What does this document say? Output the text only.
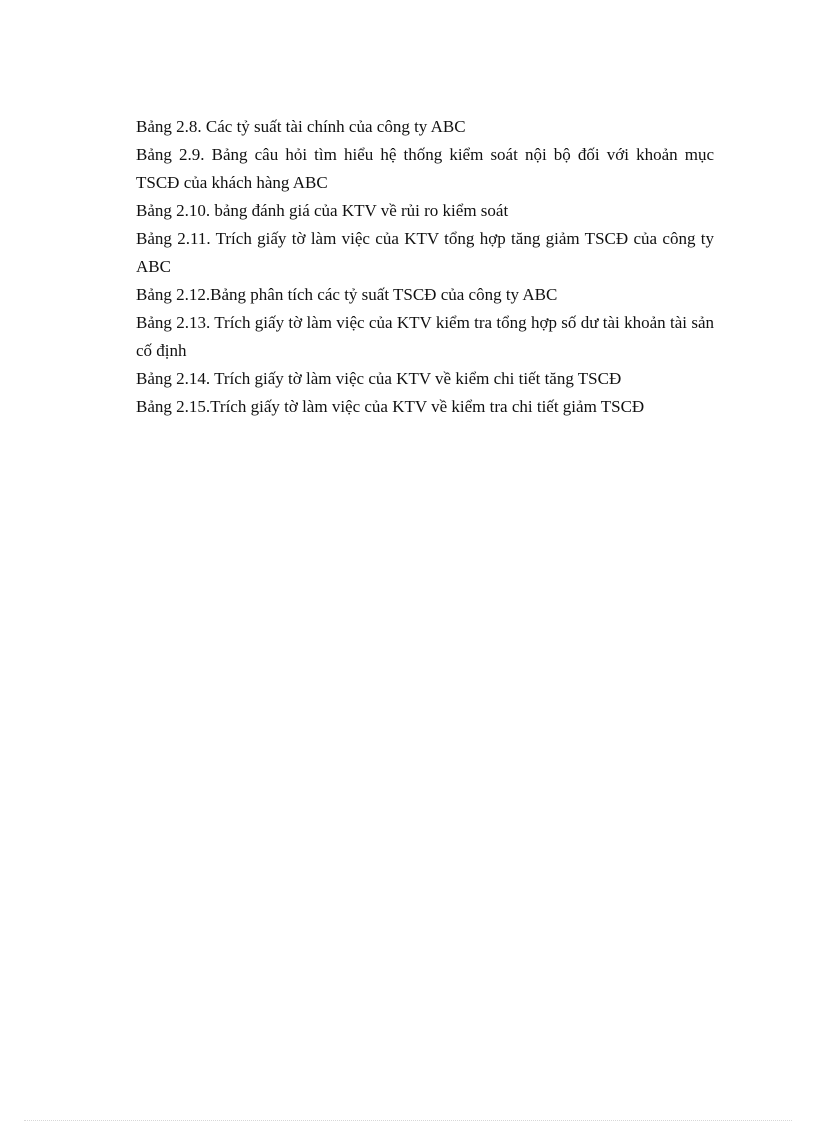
Bảng 2.8. Các tỷ suất tài chính của công ty ABC
Bảng 2.9. Bảng câu hỏi tìm hiểu hệ thống kiểm soát nội bộ đối với khoản mục TSCĐ của khách hàng ABC
Bảng 2.10. bảng đánh giá của KTV về rủi ro kiểm soát
Bảng 2.11. Trích giấy tờ làm việc của KTV tổng hợp tăng giảm TSCĐ của công ty ABC
Bảng 2.12.Bảng phân tích các tỷ suất TSCĐ của công ty ABC
Bảng 2.13. Trích giấy tờ làm việc của KTV kiểm tra tổng hợp số dư tài khoản tài sản cố định
Bảng 2.14. Trích giấy tờ làm việc của KTV về kiểm chi tiết tăng TSCĐ
Bảng 2.15.Trích giấy tờ làm việc của KTV về kiểm tra chi tiết giảm TSCĐ
